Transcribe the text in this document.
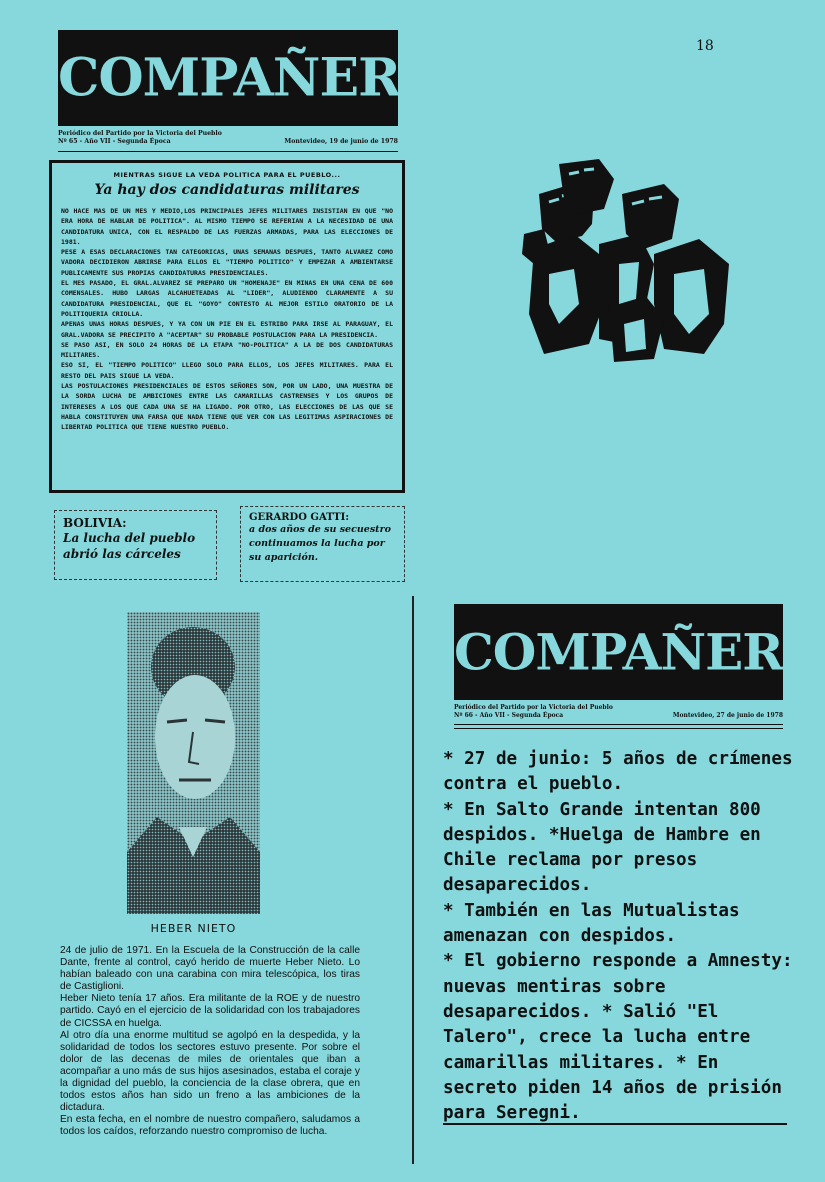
18
COMPAÑERO
Periódico del Partido por la Victoria del Pueblo
Nº 65 - Año VII - Segunda Época	Montevideo, 19 de junio de 1978
MIENTRAS SIGUE LA VEDA POLITICA PARA EL PUEBLO...
Ya hay dos candidaturas militares

NO HACE MAS DE UN MES Y MEDIO,LOS PRINCIPALES JEFES MILITARES INSISTIAN EN QUE "NO ERA HORA DE HABLAR DE POLITICA". AL MISMO TIEMPO SE REFERIAN A LA NECESIDAD DE UNA CANDIDATURA UNICA, CON EL RESPALDO DE LAS FUERZAS ARMADAS, PARA LAS ELECCIONES DE 1981.

PESE A ESAS DECLARACIONES TAN CATEGORICAS, UNAS SEMANAS DESPUES, TANTO ALVAREZ COMO VADORA DECIDIERON ABRIRSE PARA ELLOS EL "TIEMPO POLITICO" Y EMPEZAR A AMBIENTARSE PUBLICAMENTE SUS PROPIAS CANDIDATURAS PRESIDENCIALES.

EL MES PASADO, EL GRAL.ALVAREZ SE PREPARO UN "HOMENAJE" EN MINAS EN UNA CENA DE 600 COMENSALES. HUBO LARGAS ALCAHUETEADAS AL "LIDER", ALUDIENDO CLARAMENTE A SU CANDIDATURA PRESIDENCIAL, QUE EL "GOYO" CONTESTO AL MEJOR ESTILO ORATORIO DE LA POLITIQUERIA CRIOLLA.

APENAS UNAS HORAS DESPUES, Y YA CON UN PIE EN EL ESTRIBO PARA IRSE AL PARAGUAY, EL GRAL.VADORA SE PRECIPITO A "ACEPTAR" SU PROBABLE POSTULACION PARA LA PRESIDENCIA.

SE PASO ASI, EN SOLO 24 HORAS DE LA ETAPA "NO-POLITICA" A LA DE DOS CANDIDATURAS MILITARES.

ESO SI, EL "TIEMPO POLITICO" LLEGO SOLO PARA ELLOS, LOS JEFES MILITARES. PARA EL RESTO DEL PAIS SIGUE LA VEDA.

LAS POSTULACIONES PRESIDENCIALES DE ESTOS SEÑORES SON, POR UN LADO, UNA MUESTRA DE LA SORDA LUCHA DE AMBICIONES ENTRE LAS CAMARILLAS CASTRENSES Y LOS GRUPOS DE INTERESES A LOS QUE CADA UNA SE HA LIGADO. POR OTRO, LAS ELECCIONES DE LAS QUE SE HABLA CONSTITUYEN UNA FARSA QUE NADA TIENE QUE VER CON LAS LEGITIMAS ASPIRACIONES DE LIBERTAD POLITICA QUE TIENE NUESTRO PUEBLO.

BOLIVIA:
La lucha del pueblo
abrió las cárceles
GERARDO GATTI:
a dos años de su secuestro
continuamos la lucha por
su aparición.
HEBER NIETO

24 de julio de 1971. En la Escuela de la Construcción de la calle Dante, frente al control, cayó herido de muerte Heber Nieto. Lo habían baleado con una carabina con mira telescópica, los tiras de Castiglioni.

Heber Nieto tenía 17 años. Era militante de la ROE y de nuestro partido. Cayó en el ejercicio de la solidaridad con los trabajadores de CICSSA en huelga.

Al otro día una enorme multitud se agolpó en la despedida, y la solidaridad de todos los sectores estuvo presente. Por sobre el dolor de las decenas de miles de orientales que iban a acompañar a uno más de sus hijos asesinados, estaba el coraje y la dignidad del pueblo, la conciencia de la clase obrera, que en todos estos años han sido un freno a las ambiciones de la dictadura.

En esta fecha, en el nombre de nuestro compañero, saludamos a todos los caídos, reforzando nuestro compromiso de lucha.

COMPAÑERO
Periódico del Partido por la Victoria del Pueblo
Nº 66 - Año VII - Segunda Época	Montevideo, 27 de junio de 1978

* 27 de junio: 5 años de crímenes contra el pueblo.

* En Salto Grande intentan 800 despidos. *Huelga de Hambre en Chile reclama por presos desaparecidos.

* También en las Mutualistas amenazan con despidos.

* El gobierno responde a Amnesty: nuevas mentiras sobre desaparecidos. * Salió "El Talero", crece la lucha entre camarillas militares. * En secreto piden 14 años de prisión para Seregni.
